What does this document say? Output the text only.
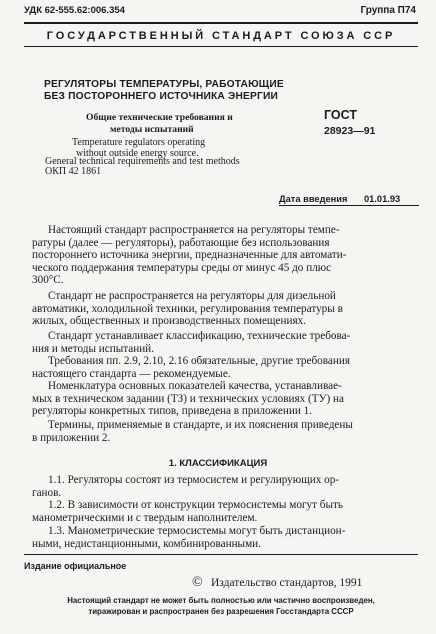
УДК 62-555.62:006.354	Группа П74
ГОСУДАРСТВЕННЫЙ СТАНДАРТ СОЮЗА ССР
РЕГУЛЯТОРЫ ТЕМПЕРАТУРЫ, РАБОТАЮЩИЕ
БЕЗ ПОСТОРОННЕГО ИСТОЧНИКА ЭНЕРГИИ
Общие технические требования и
методы испытаний
Temperature regulators operating
without outside energy source.
General technical requirements and test methods
ОКП 42 1861
ГОСТ
28923—91
Дата введения 01.01.93
Настоящий стандарт распространяется на регуляторы темпе-
ратуры (далее — регуляторы), работающие без использования
постороннего источника энергии, предназначенные для автомати-
ческого поддержания температуры среды от минус 45 до плюс
300°С.
Стандарт не распространяется на регуляторы для дизельной
автоматики, холодильной техники, регулирования температуры в
жилых, общественных и производственных помещениях.
Стандарт устанавливает классификацию, технические требова-
ния и методы испытаний.
Требования пп. 2.9, 2.10, 2.16 обязательные, другие требования
настоящего стандарта — рекомендуемые.
Номенклатура основных показателей качества, устанавливае-
мых в техническом задании (ТЗ) и технических условиях (ТУ) на
регуляторы конкретных типов, приведена в приложении 1.
Термины, применяемые в стандарте, и их пояснения приведены
в приложении 2.
1. КЛАССИФИКАЦИЯ
1.1. Регуляторы состоят из термосистем и регулирующих ор-
ганов.
1.2. В зависимости от конструкции термосистемы могут быть
манометрическими и с твердым наполнителем.
1.3. Манометрические термосистемы могут быть дистанцион-
ными, недистанционными, комбинированными.
Издание официальное
© Издательство стандартов, 1991
Настоящий стандарт не может быть полностью или частично воспроизведен,
тиражирован и распространен без разрешения Госстандарта СССР
